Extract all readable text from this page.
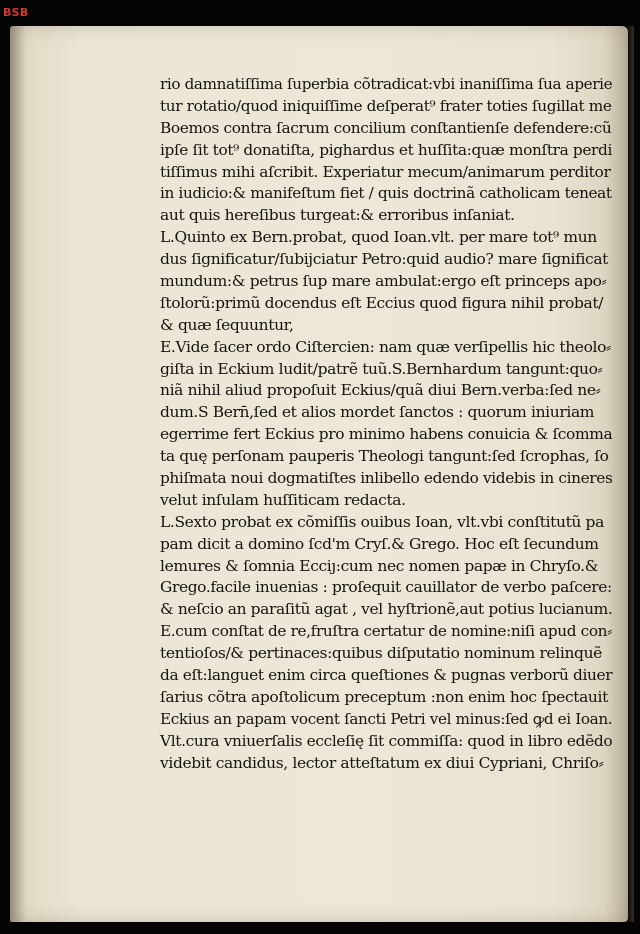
BSB
rio damnatiſſima ſuperbia cõtradicat:vbi inaniſſima ſua aperie
tur rotatio/quod iniquiſſime deſperat⁹ frater toties ſugillat me
Boemos contra ſacrum concilium conſtantienſe defendere:cũ
ipſe ſit tot⁹ donatiſta, pighardus et huſſita:quæ monſtra perdi
tiſſimus mihi aſcribit. Experiatur mecum/animarum perditor
in iudicio:& manifeſtum fiet / quis doctrinã catholicam teneat
aut quis hereſibus turgeat:& erroribus inſaniat.
L.Quinto ex Bern.probat, quod Ioan.vlt. per mare tot⁹ mun
dus ſignificatur/ſubijciatur Petro:quid audio? mare ſignificat
mundum:& petrus ſup mare ambulat:ergo eſt princeps apo⸗
ſtolorũ:primũ docendus eſt Eccius quod figura nihil probat/
& quæ ſequuntur,
E.Vide ſacer ordo Ciſtercien: nam quæ verſipellis hic theolo⸗
giſta in Eckium ludit/patrẽ tuũ.S.Bernhardum tangunt:quo⸗
niã nihil aliud propoſuit Eckius/quã diui Bern.verba:ſed ne⸗
dum.S Bern̄,ſed et alios mordet ſanctos : quorum iniuriam
egerrime fert Eckius pro minimo habens conuicia & ſcomma
ta quę perſonam pauperis Theologi tangunt:ſed ſcrophas, ſo
phiſmata noui dogmatiſtes inlibello edendo videbis in cineres
velut inſulam huſſiticam redacta.
L.Sexto probat ex cõmiſſis ouibus Ioan, vlt.vbi conſtitutũ pa
pam dicit a domino ſcd'm Cryſ.& Grego. Hoc eſt ſecundum
lemures & ſomnia Ecciȷ:cum nec nomen papæ in Chryſo.&
Grego.facile inuenias : proſequit cauillator de verbo paſcere:
& neſcio an paraſitũ agat , vel hyſtrionẽ,aut potius lucianum.
E.cum conſtat de re,fruſtra certatur de nomine:niſi apud con⸗
tentioſos/& pertinaces:quibus diſputatio nominum relinquẽ
da eſt:languet enim circa queſtiones & pugnas verborũ diuer
ſarius cõtra apoſtolicum preceptum :non enim hoc ſpectauit
Eckius an papam vocent ſancti Petri vel minus:ſed ꝙd ei Ioan.
Vlt.cura vniuerſalis eccleſię ſit commiſſa: quod in libro edẽdo
videbit candidus, lector atteſtatum ex diui Cypriani, Chriſo⸗
